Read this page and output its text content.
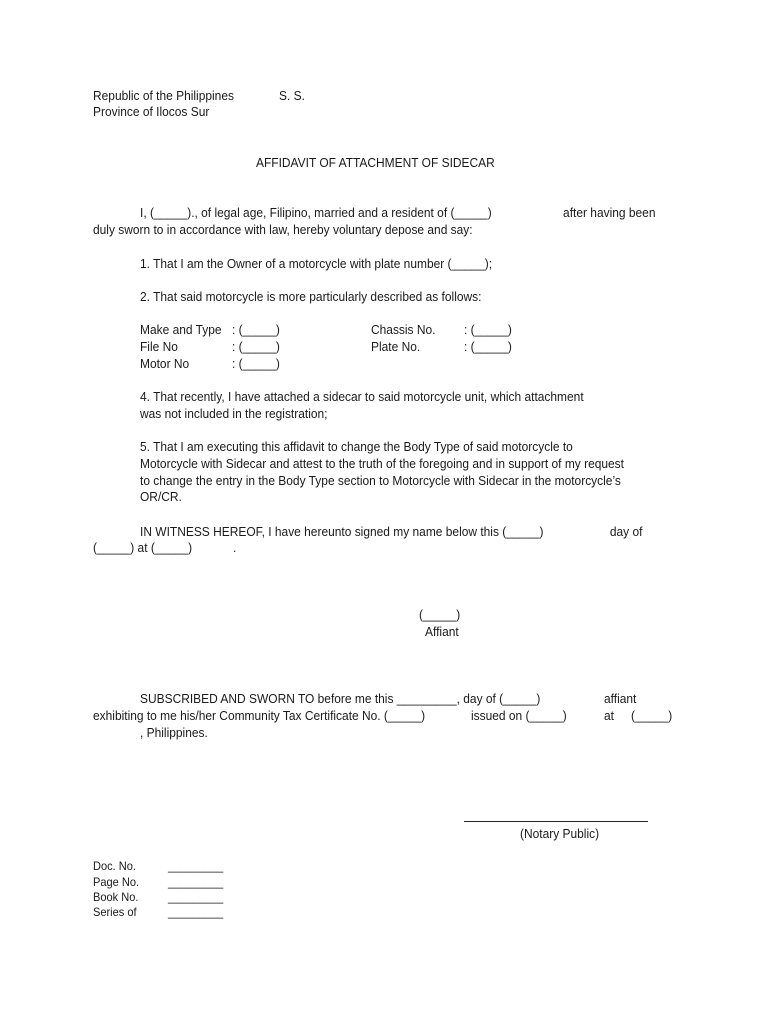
Republic of the Philippines	S. S.

Province of Ilocos Sur

AFFIDAVIT OF ATTACHMENT OF SIDECAR

I, (_____)., of legal age, Filipino, married and a resident of (_____)	after having been

duly sworn to in accordance with law, hereby voluntary depose and say:

1. That I am the Owner of a motorcycle with plate number (_____);

2. That said motorcycle is more particularly described as follows:

Make and Type : (_____)	Chassis No. : (_____)

File No	: (_____)	Plate No.	: (_____)

Motor No	: (_____)

4. That recently, I have attached a sidecar to said motorcycle unit, which attachment

was not included in the registration;

5. That I am executing this affidavit to change the Body Type of said motorcycle to

Motorcycle with Sidecar and attest to the truth of the foregoing and in support of my request

to change the entry in the Body Type section to Motorcycle with Sidecar in the motorcycle’s

OR/CR.

IN WITNESS HEREOF, I have hereunto signed my name below this (_____)	day of

(_____) at (_____)	.

(_____)

Affiant

SUBSCRIBED AND SWORN TO before me this _________, day of (_____)	affiant

exhibiting to me his/her Community Tax Certificate No. (_____)	issued on (_____)	at (_____)

, Philippines.

(Notary Public)

Doc. No.	_________

Page No. _________

Book No. _________

Series of	_________
